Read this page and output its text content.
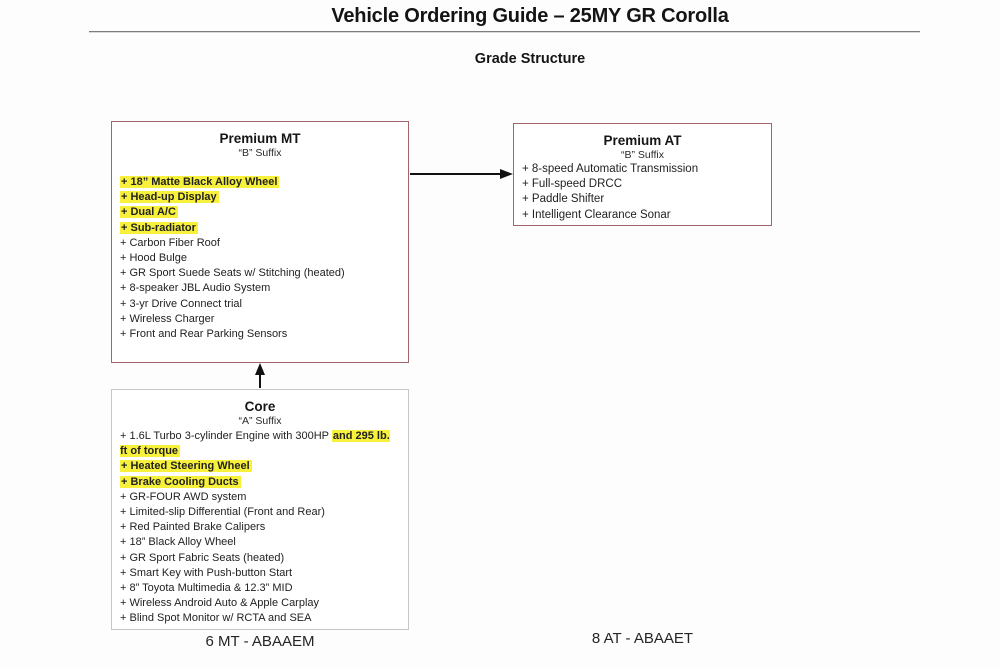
Vehicle Ordering Guide – 25MY GR Corolla
Grade Structure
Premium MT
“B” Suffix
+ 18” Matte Black Alloy Wheel
+ Head-up Display
+ Dual A/C
+ Sub-radiator
+ Carbon Fiber Roof
+ Hood Bulge
+ GR Sport Suede Seats w/ Stitching (heated)
+ 8-speaker JBL Audio System
+ 3-yr Drive Connect trial
+ Wireless Charger
+ Front and Rear Parking Sensors
Premium AT
“B” Suffix
+ 8-speed Automatic Transmission
+ Full-speed DRCC
+ Paddle Shifter
+ Intelligent Clearance Sonar
Core
“A” Suffix
+ 1.6L Turbo 3-cylinder Engine with 300HP and 295 lb. ft of torque
+ Heated Steering Wheel
+ Brake Cooling Ducts
+ GR-FOUR AWD system
+ Limited-slip Differential (Front and Rear)
+ Red Painted Brake Calipers
+ 18” Black Alloy Wheel
+ GR Sport Fabric Seats (heated)
+ Smart Key with Push-button Start
+ 8” Toyota Multimedia & 12.3” MID
+ Wireless Android Auto & Apple Carplay
+ Blind Spot Monitor w/ RCTA and SEA
6 MT - ABAAEM	8 AT - ABAAET
